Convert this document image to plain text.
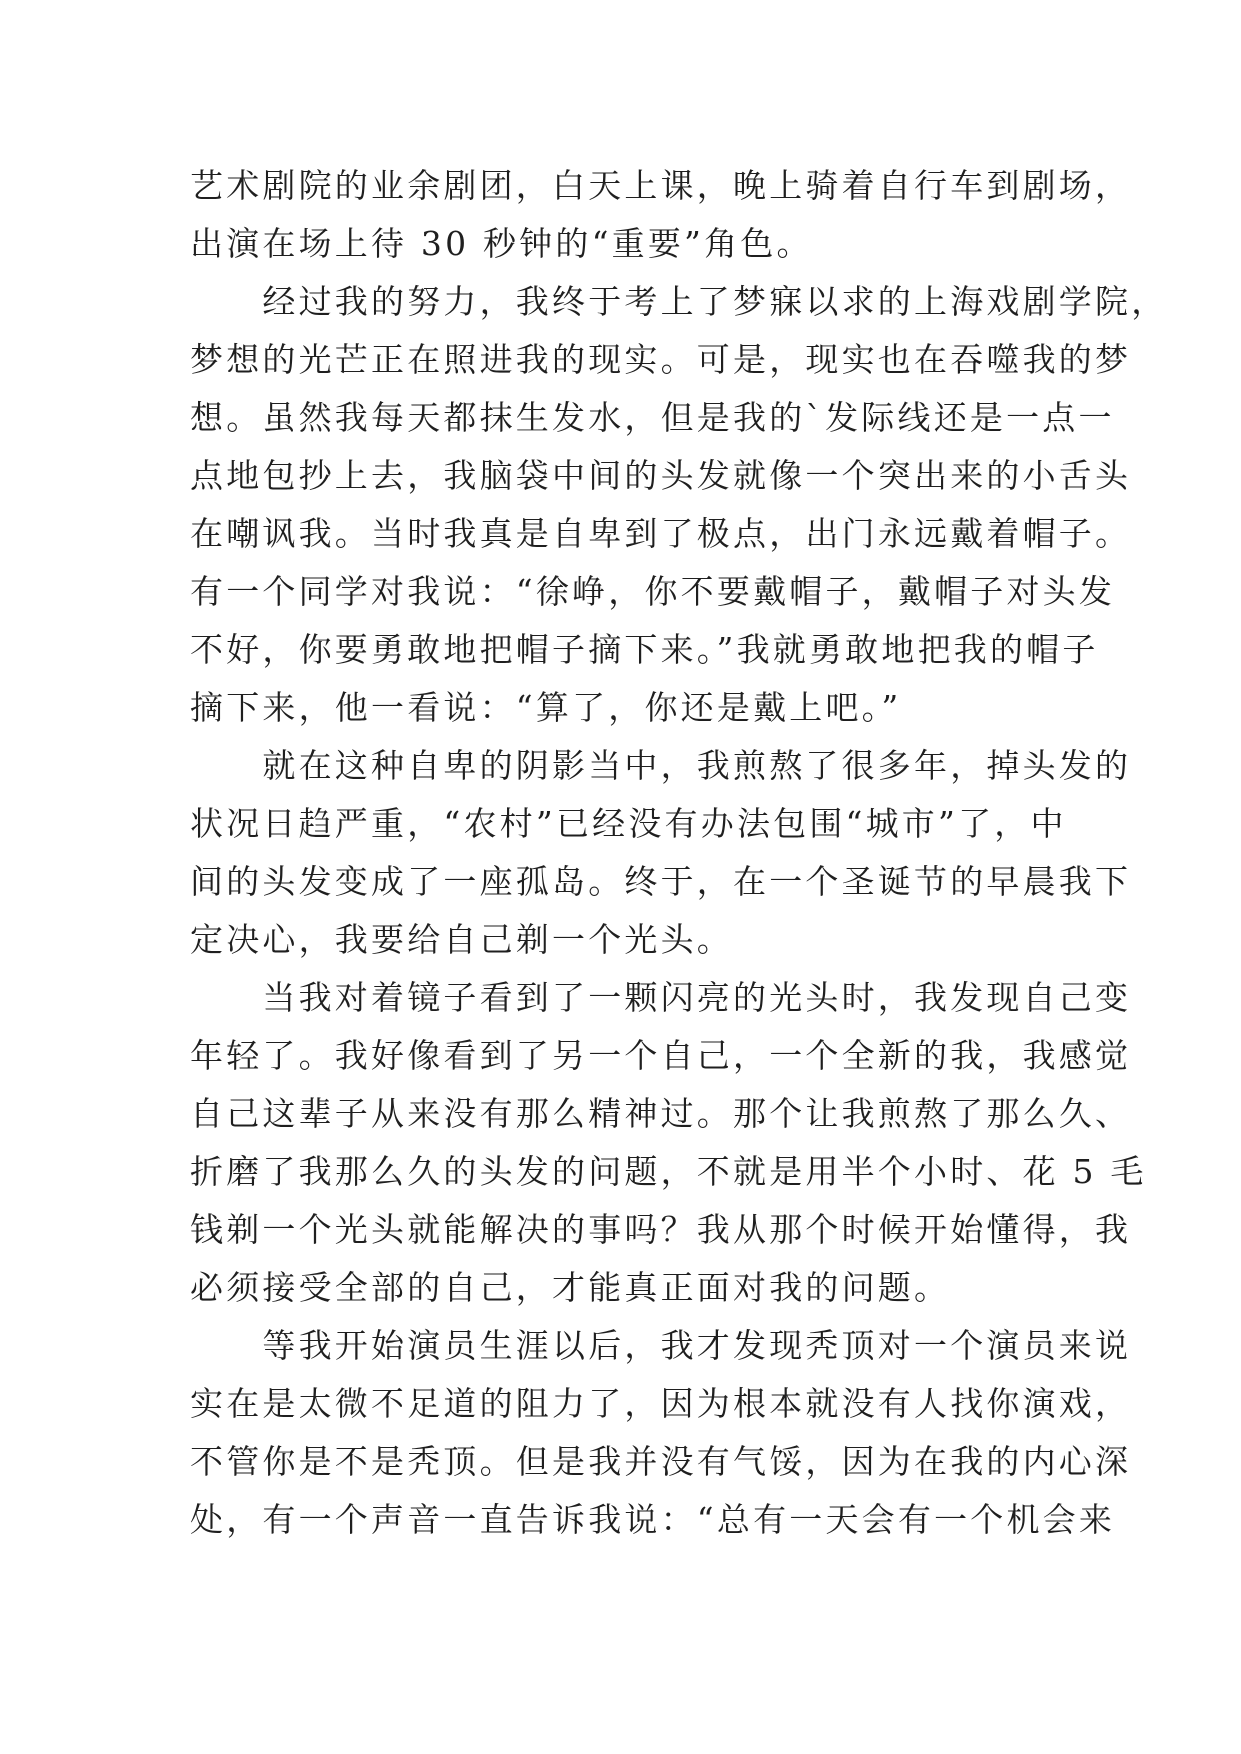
艺术剧院的业余剧团，白天上课，晚上骑着自行车到剧场，
出演在场上待 30 秒钟的“重要”角色。
　　经过我的努力，我终于考上了梦寐以求的上海戏剧学院，
梦想的光芒正在照进我的现实。可是，现实也在吞噬我的梦
想。虽然我每天都抹生发水，但是我的`发际线还是一点一
点地包抄上去，我脑袋中间的头发就像一个突出来的小舌头
在嘲讽我。当时我真是自卑到了极点，出门永远戴着帽子。
有一个同学对我说：“徐峥，你不要戴帽子，戴帽子对头发
不好，你要勇敢地把帽子摘下来。”我就勇敢地把我的帽子
摘下来，他一看说：“算了，你还是戴上吧。”
　　就在这种自卑的阴影当中，我煎熬了很多年，掉头发的
状况日趋严重，“农村”已经没有办法包围“城市”了，中
间的头发变成了一座孤岛。终于，在一个圣诞节的早晨我下
定决心，我要给自己剃一个光头。
　　当我对着镜子看到了一颗闪亮的光头时，我发现自己变
年轻了。我好像看到了另一个自己，一个全新的我，我感觉
自己这辈子从来没有那么精神过。那个让我煎熬了那么久、
折磨了我那么久的头发的问题，不就是用半个小时、花 5 毛
钱剃一个光头就能解决的事吗？我从那个时候开始懂得，我
必须接受全部的自己，才能真正面对我的问题。
　　等我开始演员生涯以后，我才发现秃顶对一个演员来说
实在是太微不足道的阻力了，因为根本就没有人找你演戏，
不管你是不是秃顶。但是我并没有气馁，因为在我的内心深
处，有一个声音一直告诉我说：“总有一天会有一个机会来
